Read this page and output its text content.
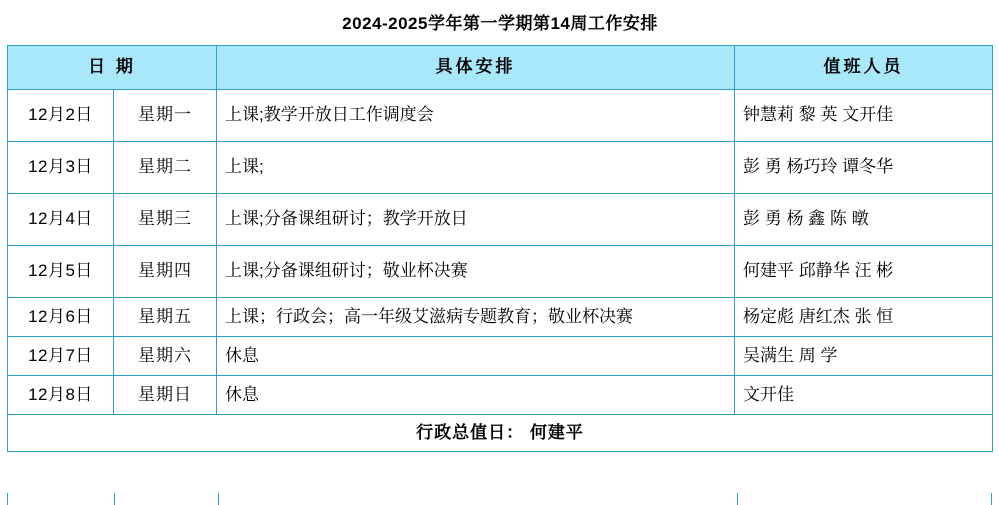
2024-2025学年第一学期第14周工作安排			
日 期		具体安排	值班人员
12月2日	星期一	上课;教学开放日工作调度会	钟慧莉 黎 英 文开佳
12月3日	星期二	上课;	彭 勇 杨巧玲 谭冬华
12月4日	星期三	上课;分备课组研讨；教学开放日	彭 勇 杨 鑫 陈 暾
12月5日	星期四	上课;分备课组研讨；敬业杯决赛	何建平 邱静华 汪 彬
12月6日	星期五	上课；行政会；高一年级艾滋病专题教育；敬业杯决赛	杨定彪 唐红杰 张 恒
12月7日	星期六	休息	吴满生 周 学
12月8日	星期日	休息	文开佳
行政总值日： 何建平			
